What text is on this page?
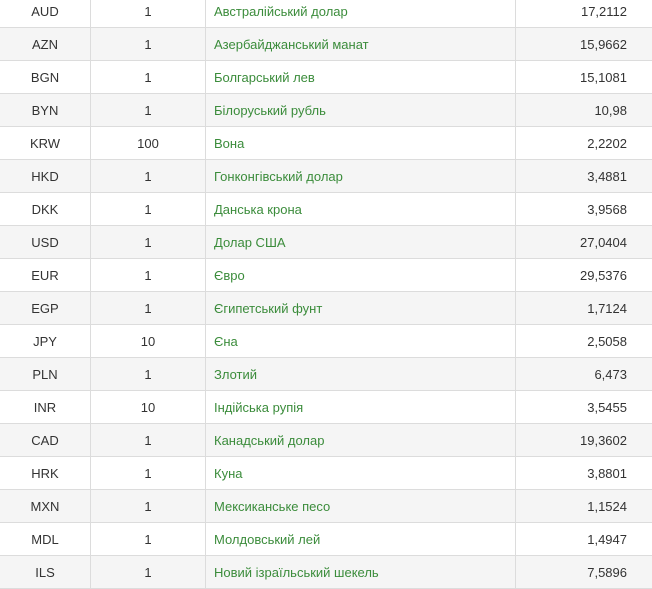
AUD	1	Австралійський долар	17,2112
AZN	1	Азербайджанський манат	15,9662
BGN	1	Болгарський лев	15,1081
BYN	1	Білоруський рубль	10,98
KRW	100	Вона	2,2202
HKD	1	Гонконгівський долар	3,4881
DKK	1	Данська крона	3,9568
USD	1	Долар США	27,0404
EUR	1	Євро	29,5376
EGP	1	Єгипетський фунт	1,7124
JPY	10	Єна	2,5058
PLN	1	Злотий	6,473
INR	10	Індійська рупія	3,5455
CAD	1	Канадський долар	19,3602
HRK	1	Куна	3,8801
MXN	1	Мексиканське песо	1,1524
MDL	1	Молдовський лей	1,4947
ILS	1	Новий ізраїльський шекель	7,5896
